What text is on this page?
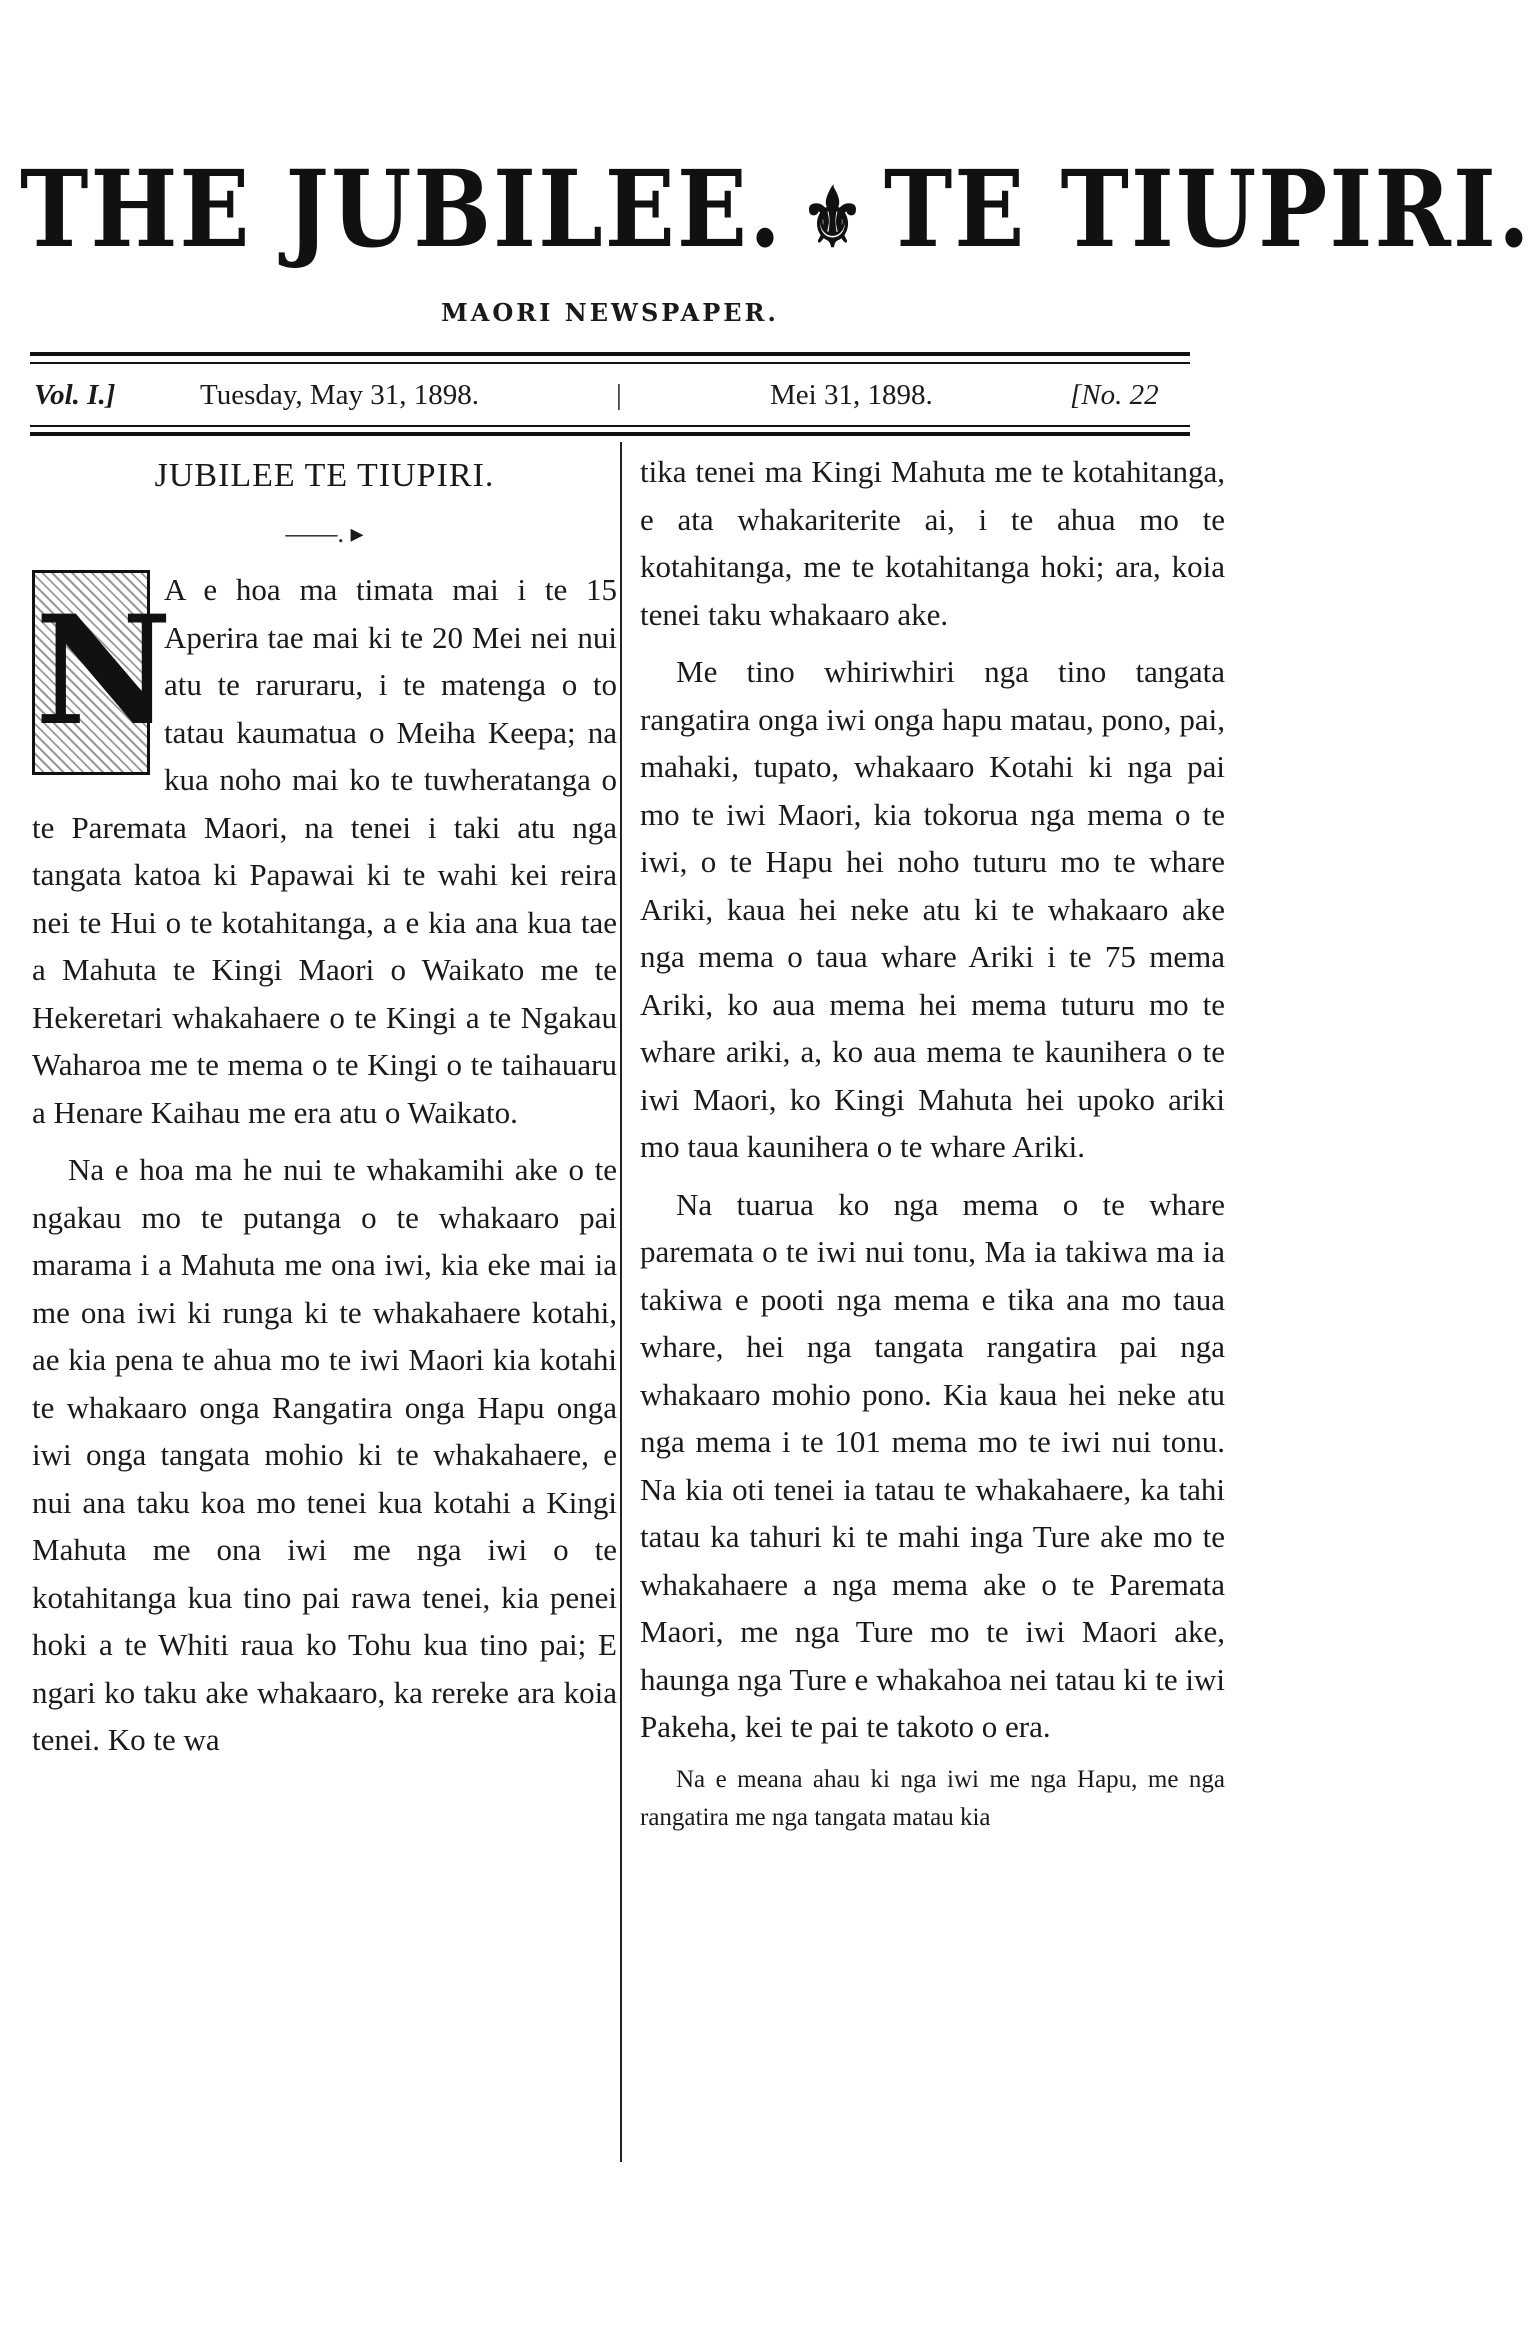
THE JUBILEE. ⚜ TE TIUPIRI.
MAORI NEWSPAPER.
Vol. I.]	Tuesday, May 31, 1898.	|	Mei 31, 1898.	[No. 22
JUBILEE TE TIUPIRI.
——. ▸

N
A e hoa ma timata mai i te 15 Aperira tae mai ki te 20 Mei nei nui atu te raruraru, i te matenga o to tatau kaumatua o Meiha Keepa; na kua noho mai ko te tuwheratanga o te Paremata Maori, na tenei i taki atu nga tangata katoa ki Papawai ki te wahi kei reira nei te Hui o te kotahitanga, a e kia ana kua tae a Mahuta te Kingi Maori o Waikato me te Hekeretari whakahaere o te Kingi a te Ngakau Waharoa me te mema o te Kingi o te taihauaru a Henare Kaihau me era atu o Waikato.

Na e hoa ma he nui te whakamihi ake o te ngakau mo te putanga o te whakaaro pai marama i a Mahuta me ona iwi, kia eke mai ia me ona iwi ki runga ki te whakahaere kotahi, ae kia pena te ahua mo te iwi Maori kia kotahi te whakaaro onga Rangatira onga Hapu onga iwi onga tangata mohio ki te whakahaere, e nui ana taku koa mo tenei kua kotahi a Kingi Mahuta me ona iwi me nga iwi o te kotahitanga kua tino pai rawa tenei, kia penei hoki a te Whiti raua ko Tohu kua tino pai; E ngari ko taku ake whakaaro, ka rereke ara koia tenei. Ko te wa

tika tenei ma Kingi Mahuta me te kotahitanga, e ata whakariterite ai, i te ahua mo te kotahitanga, me te kotahitanga hoki; ara, koia tenei taku whakaaro ake.

Me tino whiriwhiri nga tino tangata rangatira onga iwi onga hapu matau, pono, pai, mahaki, tupato, whakaaro Kotahi ki nga pai mo te iwi Maori, kia tokorua nga mema o te iwi, o te Hapu hei noho tuturu mo te whare Ariki, kaua hei neke atu ki te whakaaro ake nga mema o taua whare Ariki i te 75 mema Ariki, ko aua mema hei mema tuturu mo te whare ariki, a, ko aua mema te kaunihera o te iwi Maori, ko Kingi Mahuta hei upoko ariki mo taua kaunihera o te whare Ariki.

Na tuarua ko nga mema o te whare paremata o te iwi nui tonu, Ma ia takiwa ma ia takiwa e pooti nga mema e tika ana mo taua whare, hei nga tangata rangatira pai nga whakaaro mohio pono. Kia kaua hei neke atu nga mema i te 101 mema mo te iwi nui tonu. Na kia oti tenei ia tatau te whakahaere, ka tahi tatau ka tahuri ki te mahi inga Ture ake mo te whakahaere a nga mema ake o te Paremata Maori, me nga Ture mo te iwi Maori ake, haunga nga Ture e whakahoa nei tatau ki te iwi Pakeha, kei te pai te takoto o era.

Na e meana ahau ki nga iwi me nga Hapu, me nga rangatira me nga tangata matau kia
